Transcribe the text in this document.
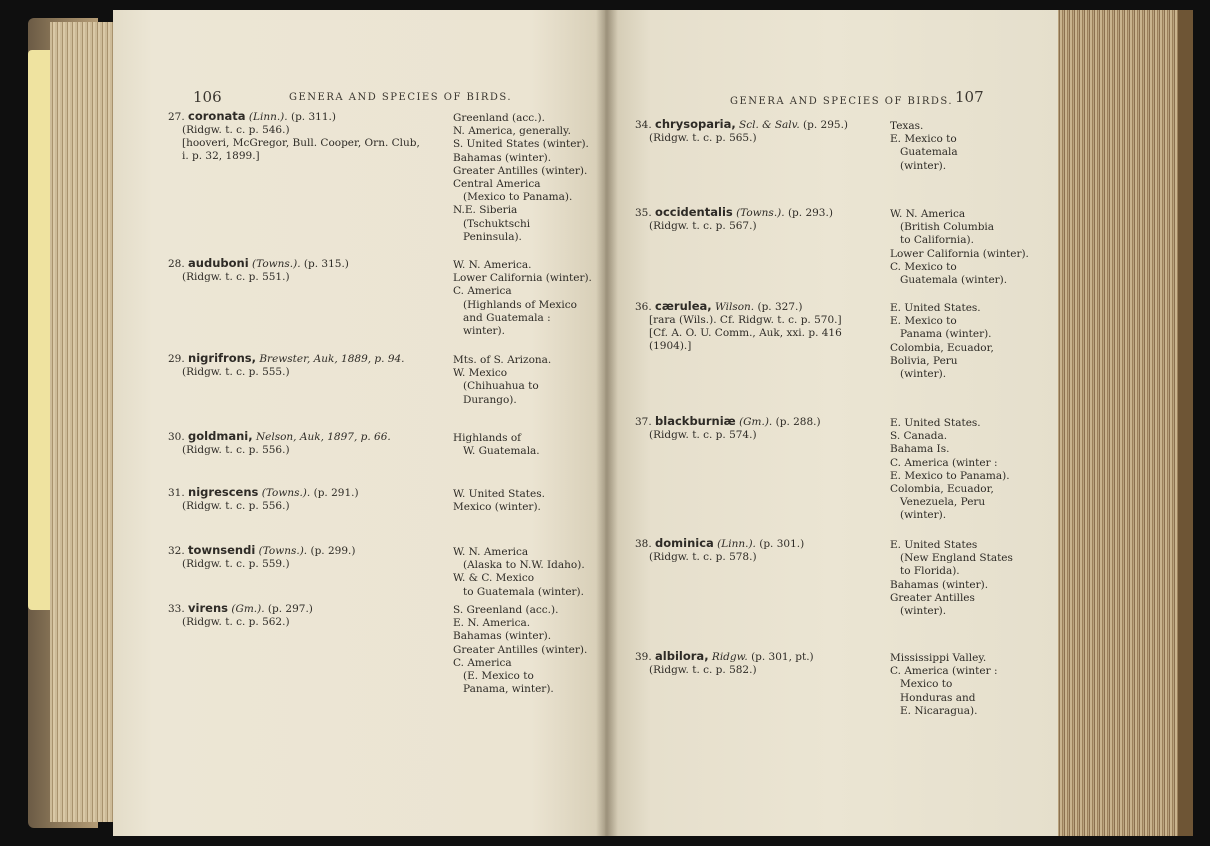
106	GENERA AND SPECIES OF BIRDS.
27. coronata (Linn.). (p. 311.)
(Ridgw. t. c. p. 546.)
[hooveri, McGregor, Bull. Cooper, Orn. Club,
i. p. 32, 1899.]
Greenland (acc.).
N. America, generally.
S. United States (winter).
Bahamas (winter).
Greater Antilles (winter).
Central America
(Mexico to Panama).
N.E. Siberia
(Tschuktschi
Peninsula).
28. auduboni (Towns.). (p. 315.)
(Ridgw. t. c. p. 551.)
W. N. America.
Lower California (winter).
C. America
(Highlands of Mexico
and Guatemala :
winter).
29. nigrifrons, Brewster, Auk, 1889, p. 94.
(Ridgw. t. c. p. 555.)
Mts. of S. Arizona.
W. Mexico
(Chihuahua to
Durango).
30. goldmani, Nelson, Auk, 1897, p. 66.
(Ridgw. t. c. p. 556.)
Highlands of
W. Guatemala.
31. nigrescens (Towns.). (p. 291.)
(Ridgw. t. c. p. 556.)
W. United States.
Mexico (winter).
32. townsendi (Towns.). (p. 299.)
(Ridgw. t. c. p. 559.)
W. N. America
(Alaska to N.W. Idaho).
W. & C. Mexico
to Guatemala (winter).
33. virens (Gm.). (p. 297.)
(Ridgw. t. c. p. 562.)
S. Greenland (acc.).
E. N. America.
Bahamas (winter).
Greater Antilles (winter).
C. America
(E. Mexico to
Panama, winter).
GENERA AND SPECIES OF BIRDS. 107
34. chrysoparia, Scl. & Salv. (p. 295.)
(Ridgw. t. c. p. 565.)
Texas.
E. Mexico to
Guatemala
(winter).
35. occidentalis (Towns.). (p. 293.)
(Ridgw. t. c. p. 567.)
W. N. America
(British Columbia
to California).
Lower California (winter).
C. Mexico to
Guatemala (winter).
36. cærulea, Wilson. (p. 327.)
[rara (Wils.). Cf. Ridgw. t. c. p. 570.]
[Cf. A. O. U. Comm., Auk, xxi. p. 416
(1904).]
E. United States.
E. Mexico to
Panama (winter).
Colombia, Ecuador,
Bolivia, Peru
(winter).
37. blackburniæ (Gm.). (p. 288.)
(Ridgw. t. c. p. 574.)
E. United States.
S. Canada.
Bahama Is.
C. America (winter :
E. Mexico to Panama).
Colombia, Ecuador,
Venezuela, Peru
(winter).
38. dominica (Linn.). (p. 301.)
(Ridgw. t. c. p. 578.)
E. United States
(New England States
to Florida).
Bahamas (winter).
Greater Antilles
(winter).
39. albilora, Ridgw. (p. 301, pt.)
(Ridgw. t. c. p. 582.)
Mississippi Valley.
C. America (winter :
Mexico to
Honduras and
E. Nicaragua).
